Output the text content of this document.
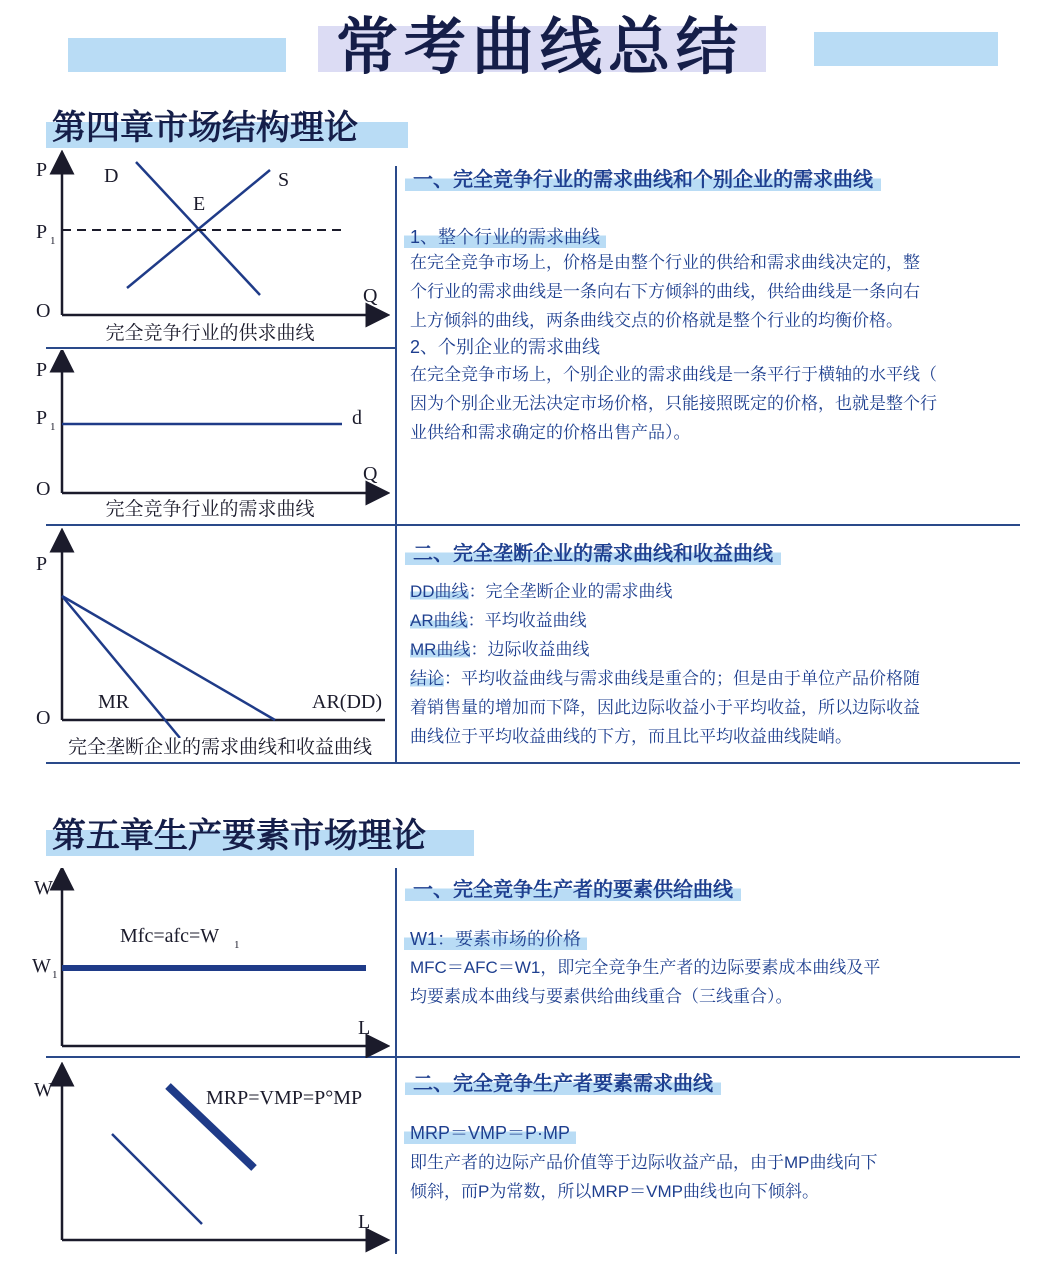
常考曲线总结
第四章市场结构理论
P	D	S
E
P 1
O
Q
完全竞争行业的供求曲线
P
P 1	d
O
Q
完全竞争行业的需求曲线
P
MR	AR(DD)
O
完全垄断企业的需求曲线和收益曲线
一、完全竞争行业的需求曲线和个别企业的需求曲线
1、整个行业的需求曲线
在完全竞争市场上，价格是由整个行业的供给和需求曲线决定的，整
个行业的需求曲线是一条向右下方倾斜的曲线，供给曲线是一条向右
上方倾斜的曲线，两条曲线交点的价格就是整个行业的均衡价格。
2、个别企业的需求曲线
在完全竞争市场上，个别企业的需求曲线是一条平行于横轴的水平线（
因为个别企业无法决定市场价格，只能接照既定的价格，也就是整个行
业供给和需求确定的价格出售产品）。
二、完全垄断企业的需求曲线和收益曲线
DD曲线：完全垄断企业的需求曲线
AR曲线：平均收益曲线
MR曲线：边际收益曲线
结论：平均收益曲线与需求曲线是重合的；但是由于单位产品价格随
着销售量的增加而下降，因此边际收益小于平均收益，所以边际收益
曲线位于平均收益曲线的下方，而且比平均收益曲线陡峭。
第五章生产要素市场理论
W
W 1
Mfc=afc=W 1
L
W	MRP=VMP=P°MP
L
一、完全竞争生产者的要素供给曲线
W1：要素市场的价格
MFC＝AFC＝W1，即完全竞争生产者的边际要素成本曲线及平
均要素成本曲线与要素供给曲线重合（三线重合）。
二、完全竞争生产者要素需求曲线
MRP＝VMP＝P·MP
即生产者的边际产品价值等于边际收益产品，由于MP曲线向下
倾斜，而P为常数，所以MRP＝VMP曲线也向下倾斜。
